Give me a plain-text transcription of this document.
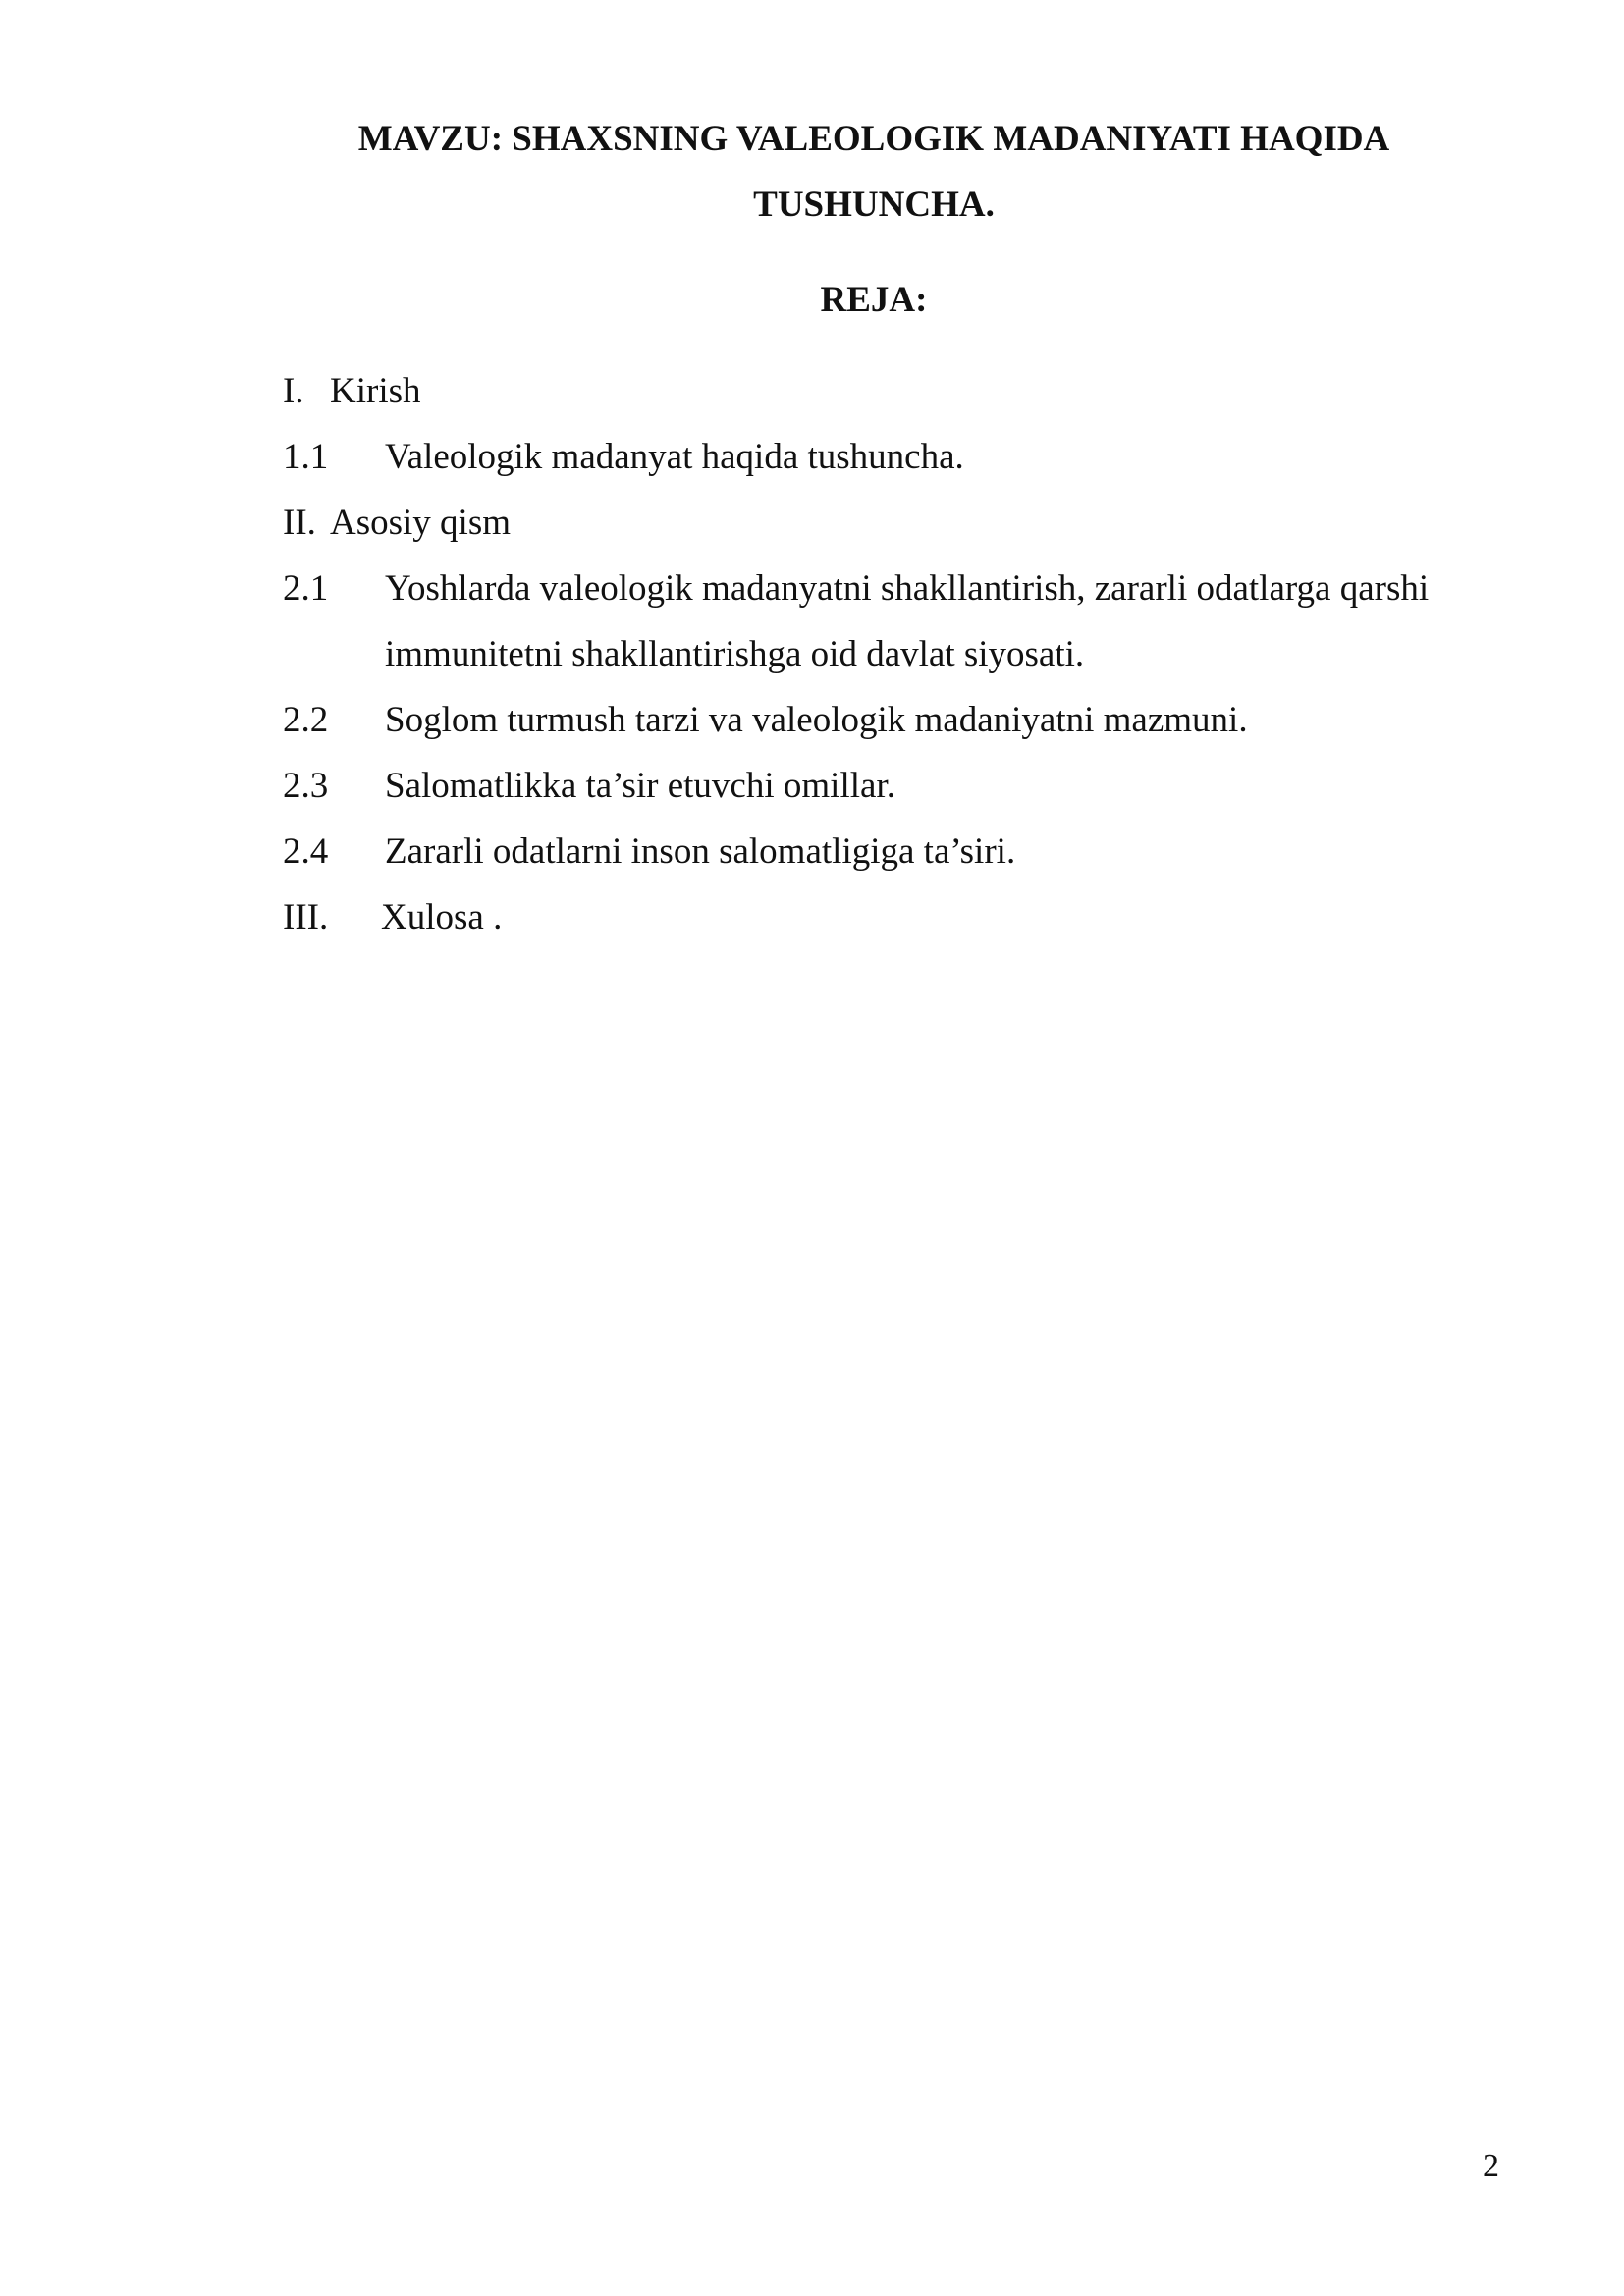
MAVZU: SHAXSNING VALEOLOGIK MADANIYATI HAQIDA
TUSHUNCHA.
REJA:
I. Kirish
1.1 Valeologik madanyat haqida tushuncha.
II. Asosiy qism
2.1 Yoshlarda valeologik madanyatni shakllantirish, zararli odatlarga qarshi immunitetni shakllantirishga oid davlat siyosati.
2.2 Soglom turmush tarzi va valeologik madaniyatni mazmuni.
2.3 Salomatlikka ta’sir etuvchi omillar.
2.4 Zararli odatlarni inson salomatligiga ta’siri.
III. Xulosa .
2
